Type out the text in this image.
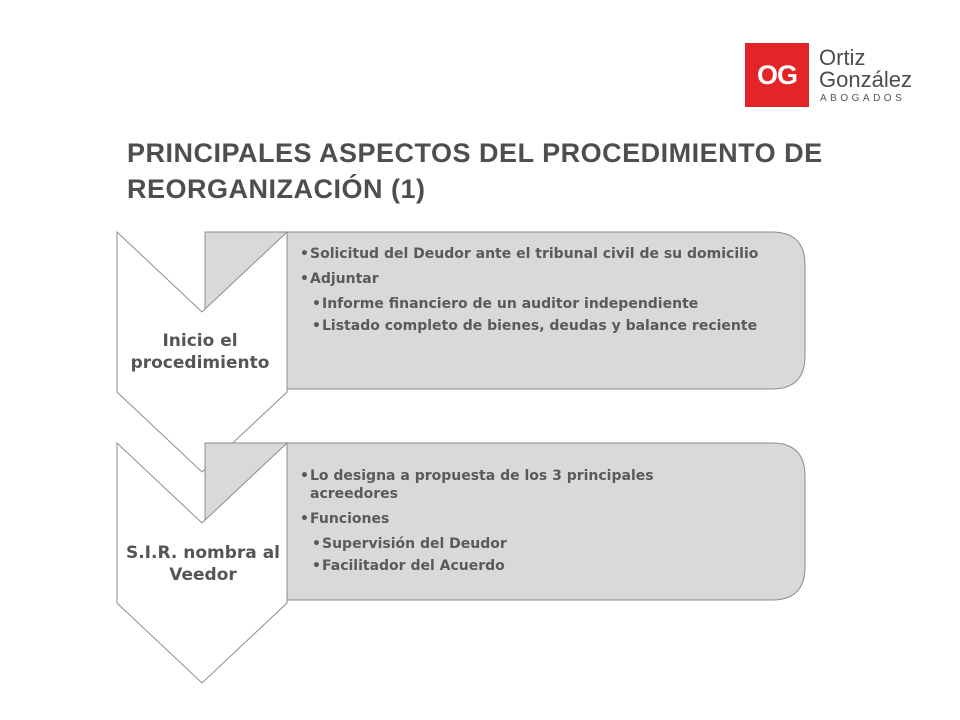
OG
Ortiz
González
ABOGADOS
PRINCIPALES ASPECTOS DEL PROCEDIMIENTO DE REORGANIZACIÓN (1)
Inicio el procedimiento
S.I.R. nombra al Veedor
• Solicitud del Deudor ante el tribunal civil de su domicilio
• Adjuntar
• Informe financiero de un auditor independiente
• Listado completo de bienes, deudas y balance reciente
• Lo designa a propuesta de los 3 principales acreedores
• Funciones
• Supervisión del Deudor
• Facilitador del Acuerdo
